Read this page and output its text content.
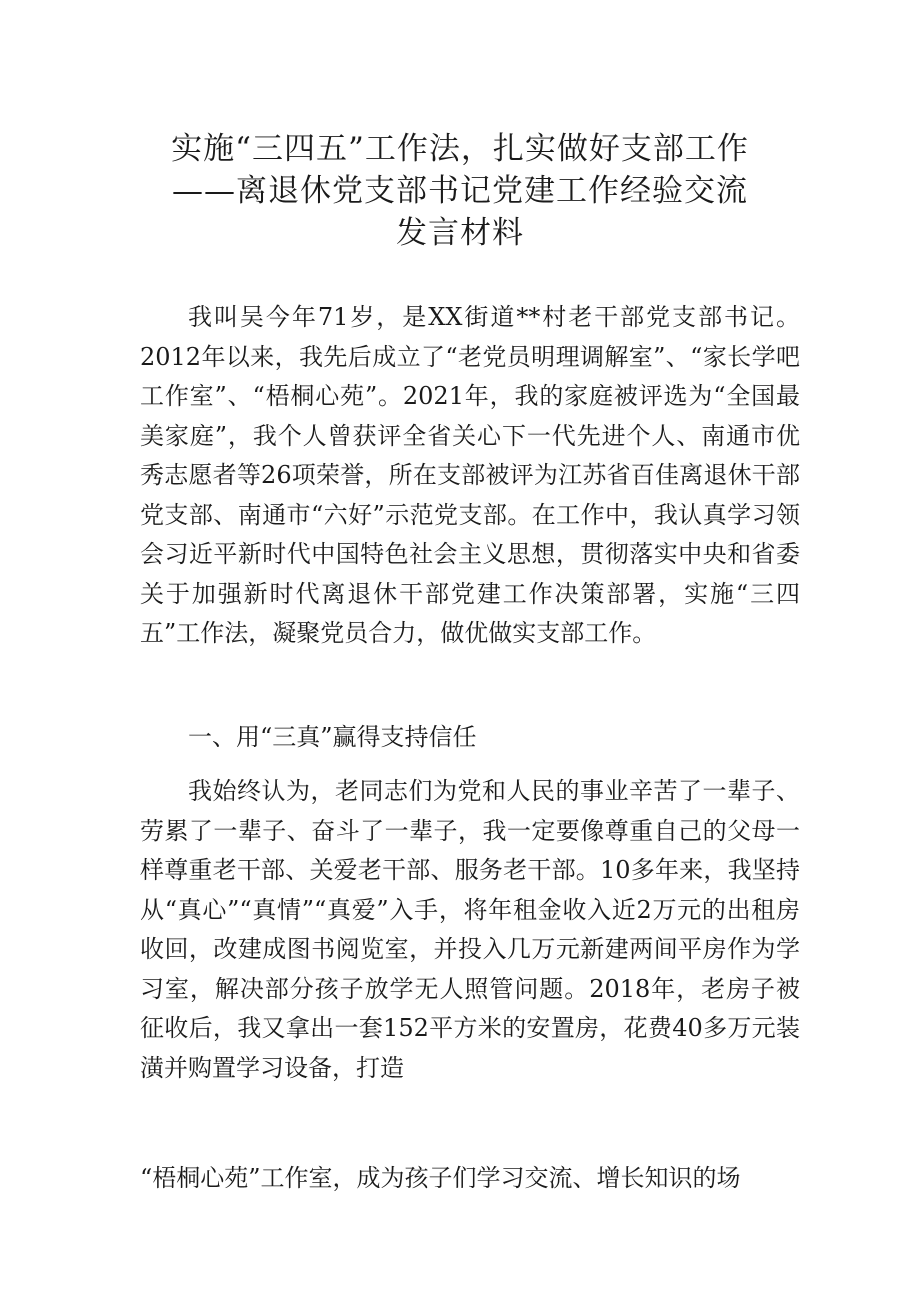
实施“三四五”工作法，扎实做好支部工作
——离退休党支部书记党建工作经验交流
发言材料

我叫吴今年71岁，是XX街道**村老干部党支部书记。2012年以来，我先后成立了“老党员明理调解室”、“家长学吧工作室”、“梧桐心苑”。2021年，我的家庭被评选为“全国最美家庭”，我个人曾获评全省关心下一代先进个人、南通市优秀志愿者等26项荣誉，所在支部被评为江苏省百佳离退休干部党支部、南通市“六好”示范党支部。在工作中，我认真学习领会习近平新时代中国特色社会主义思想，贯彻落实中央和省委关于加强新时代离退休干部党建工作决策部署，实施“三四五”工作法，凝聚党员合力，做优做实支部工作。

一、用“三真”赢得支持信任

我始终认为，老同志们为党和人民的事业辛苦了一辈子、劳累了一辈子、奋斗了一辈子，我一定要像尊重自己的父母一样尊重老干部、关爱老干部、服务老干部。10多年来，我坚持从“真心”“真情”“真爱”入手，将年租金收入近2万元的出租房收回，改建成图书阅览室，并投入几万元新建两间平房作为学习室，解决部分孩子放学无人照管问题。2018年，老房子被征收后，我又拿出一套152平方米的安置房，花费40多万元装潢并购置学习设备，打造

“梧桐心苑”工作室，成为孩子们学习交流、增长知识的场
